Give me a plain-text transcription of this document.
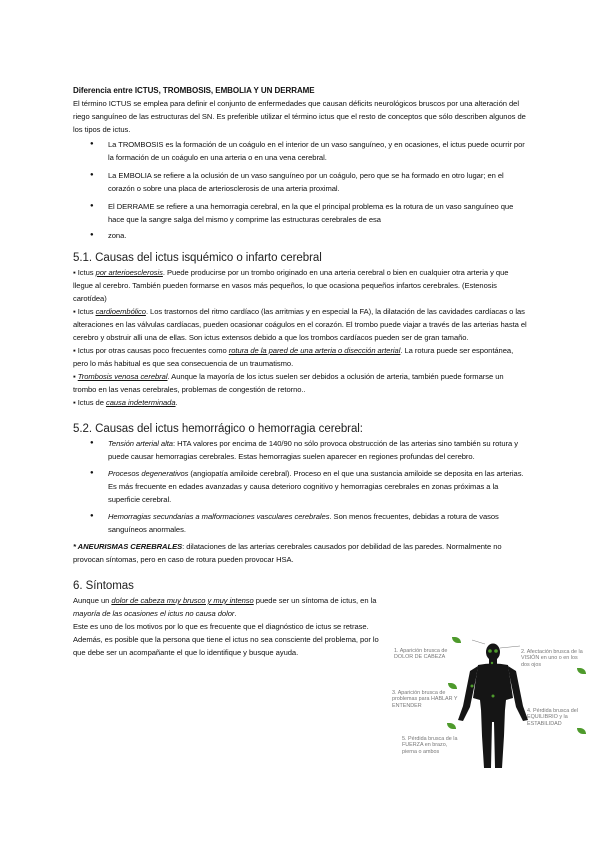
Diferencia entre ICTUS, TROMBOSIS, EMBOLIA Y UN DERRAME

El término ICTUS se emplea para definir el conjunto de enfermedades que causan déficits neurológicos bruscos por una alteración del riego sanguíneo de las estructuras del SN. Es preferible utilizar el término ictus que el resto de conceptos que sólo describen algunos de los tipos de ictus.

● La TROMBOSIS es la formación de un coágulo en el interior de un vaso sanguíneo, y en ocasiones, el ictus puede ocurrir por la formación de un coágulo en una arteria o en una vena cerebral.
● La EMBOLIA se refiere a la oclusión de un vaso sanguíneo por un coágulo, pero que se ha formado en otro lugar; en el corazón o sobre una placa de arteriosclerosis de una arteria proximal.
● El DERRAME se refiere a una hemorragia cerebral, en la que el principal problema es la rotura de un vaso sanguíneo que hace que la sangre salga del mismo y comprime las estructuras cerebrales de esa
● zona.
5.1. Causas del ictus isquémico o infarto cerebral
▪ Ictus por arterioesclerosis. Puede producirse por un trombo originado en una arteria cerebral o bien en cualquier otra arteria y que llegue al cerebro. También pueden formarse en vasos más pequeños, lo que ocasiona pequeños infartos cerebrales. (Estenosis carotídea)
▪ Ictus cardioembólico. Los trastornos del ritmo cardíaco (las arritmias y en especial la FA), la dilatación de las cavidades cardíacas o las alteraciones en las válvulas cardíacas, pueden ocasionar coágulos en el corazón. El trombo puede viajar a través de las arterias hasta el cerebro y obstruir alli una de ellas. Son ictus extensos debido a que los trombos cardíacos pueden ser de gran tamaño.
▪ Ictus por otras causas poco frecuentes como rotura de la pared de una arteria o disección arterial. La rotura puede ser espontánea, pero lo más habitual es que sea consecuencia de un traumatismo.
▪ Trombosis venosa cerebral. Aunque la mayoría de los ictus suelen ser debidos a oclusión de arteria, también puede formarse un trombo en las venas cerebrales, problemas de congestión de retorno..
▪ Ictus de causa indeterminada.
5.2. Causas del ictus hemorrágico o hemorragia cerebral:
● Tensión arterial alta: HTA valores por encima de 140/90 no sólo provoca obstrucción de las arterias sino también su rotura y puede causar hemorragias cerebrales. Estas hemorragias suelen aparecer en regiones profundas del cerebro.
● Procesos degenerativos (angiopatía amiloide cerebral). Proceso en el que una sustancia amiloide se deposita en las arterias. Es más frecuente en edades avanzadas y causa deterioro cognitivo y hemorragias cerebrales en zonas próximas a la superficie cerebral.
● Hemorragias secundarias a malformaciones vasculares cerebrales. Son menos frecuentes, debidas a rotura de vasos sanguíneos anormales.

* ANEURISMAS CEREBRALES: dilataciones de las arterias cerebrales causados por debilidad de las paredes. Normalmente no provocan síntomas, pero en caso de rotura pueden provocar HSA.

6. Síntomas

Aunque un dolor de cabeza muy brusco y muy intenso puede ser un síntoma de ictus, en la mayoría de las ocasiones el ictus no causa dolor.

Este es uno de los motivos por lo que es frecuente que el diagnóstico de ictus se retrase. Además, es posible que la persona que tiene el ictus no sea consciente del problema, por lo que debe ser un acompañante el que lo identifique y busque ayuda.	1. Aparición brusca de DOLOR DE CABEZA
2. Afectación brusca de la VISIÓN en uno o en los dos ojos
3. Aparición brusca de problemas para HABLAR Y ENTENDER
4. Pérdida brusca del EQUILIBRIO y la ESTABILIDAD
5. Pérdida brusca de la FUERZA en brazo, pierna o ambos
